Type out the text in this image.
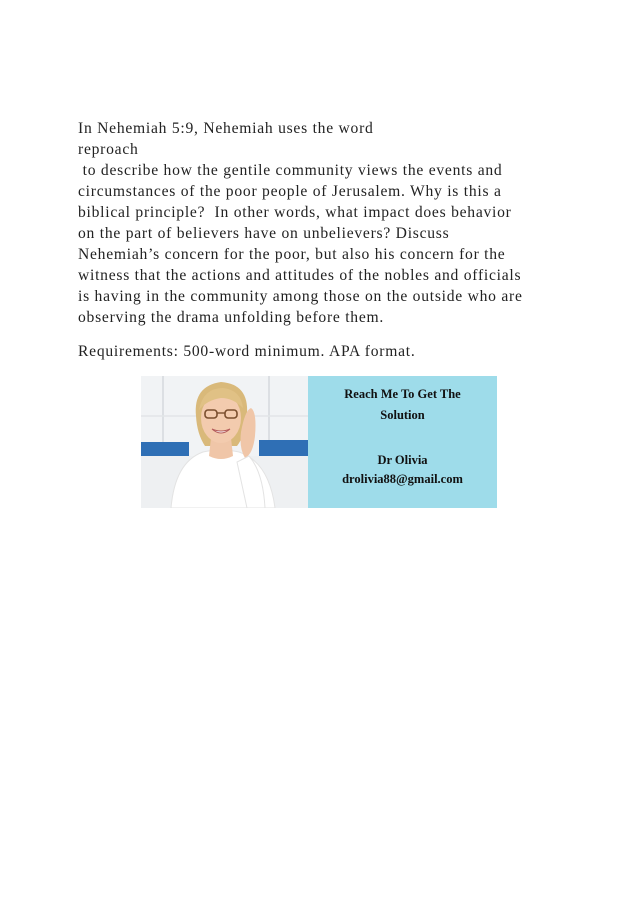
In Nehemiah 5:9, Nehemiah uses the word
reproach
to describe how the gentile community views the events and
circumstances of the poor people of Jerusalem. Why is this a
biblical principle?  In other words, what impact does behavior
on the part of believers have on unbelievers? Discuss
Nehemiah’s concern for the poor, but also his concern for the
witness that the actions and attitudes of the nobles and officials
is having in the community among those on the outside who are
observing the drama unfolding before them.
Requirements: 500-word minimum. APA format.
Reach Me To Get The
Solution
Dr Olivia
drolivia88@gmail.com
